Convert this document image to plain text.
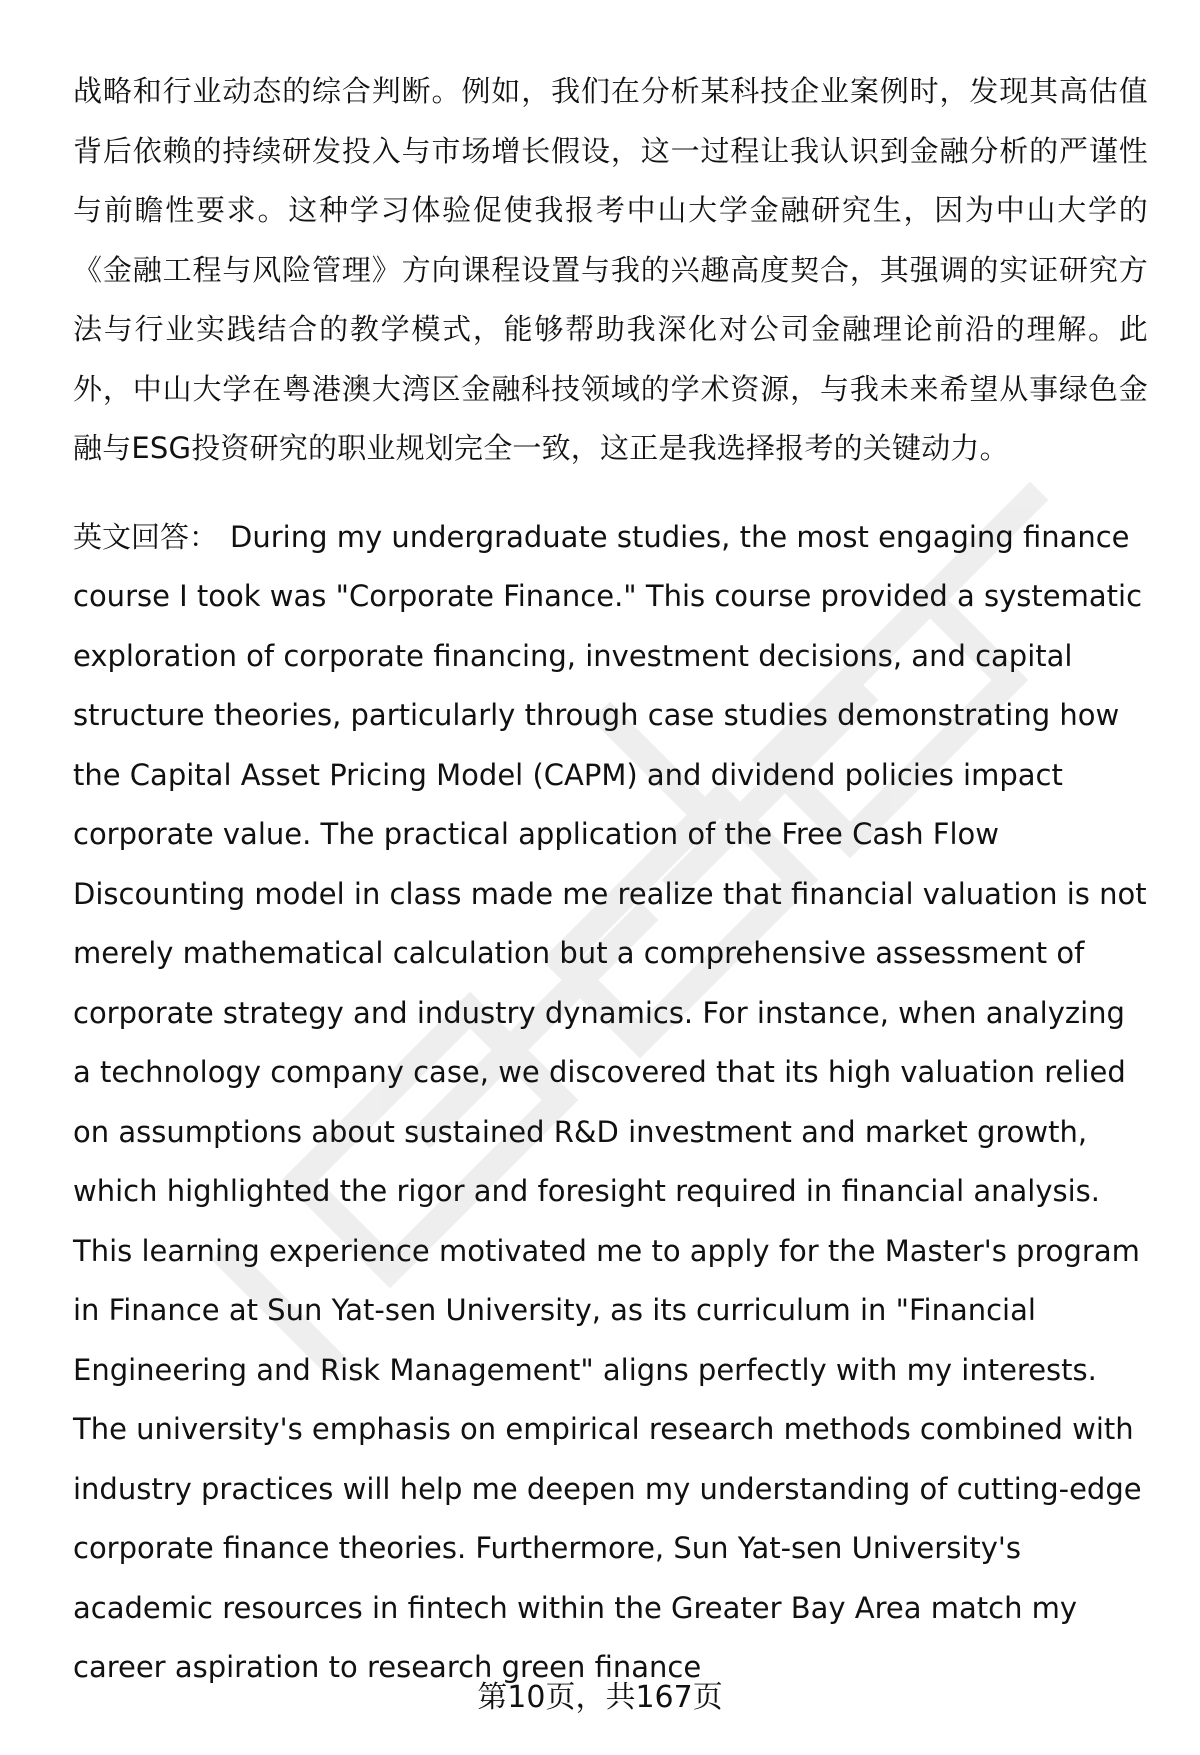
战略和行业动态的综合判断。例如，我们在分析某科技企业案例时，发现其高估值背后依赖的持续研发投入与市场增长假设，这一过程让我认识到金融分析的严谨性与前瞻性要求。这种学习体验促使我报考中山大学金融研究生，因为中山大学的《金融工程与风险管理》方向课程设置与我的兴趣高度契合，其强调的实证研究方法与行业实践结合的教学模式，能够帮助我深化对公司金融理论前沿的理解。此外，中山大学在粤港澳大湾区金融科技领域的学术资源，与我未来希望从事绿色金融与ESG投资研究的职业规划完全一致，这正是我选择报考的关键动力。

英文回答： During my undergraduate studies, the most engaging finance course I took was "Corporate Finance." This course provided a systematic exploration of corporate financing, investment decisions, and capital structure theories, particularly through case studies demonstrating how the Capital Asset Pricing Model (CAPM) and dividend policies impact corporate value. The practical application of the Free Cash Flow Discounting model in class made me realize that financial valuation is not merely mathematical calculation but a comprehensive assessment of corporate strategy and industry dynamics. For instance, when analyzing a technology company case, we discovered that its high valuation relied on assumptions about sustained R&D investment and market growth, which highlighted the rigor and foresight required in financial analysis. This learning experience motivated me to apply for the Master's program in Finance at Sun Yat-sen University, as its curriculum in "Financial Engineering and Risk Management" aligns perfectly with my interests. The university's emphasis on empirical research methods combined with industry practices will help me deepen my understanding of cutting-edge corporate finance theories. Furthermore, Sun Yat-sen University's academic resources in fintech within the Greater Bay Area match my career aspiration to research green finance

第10页，共167页
